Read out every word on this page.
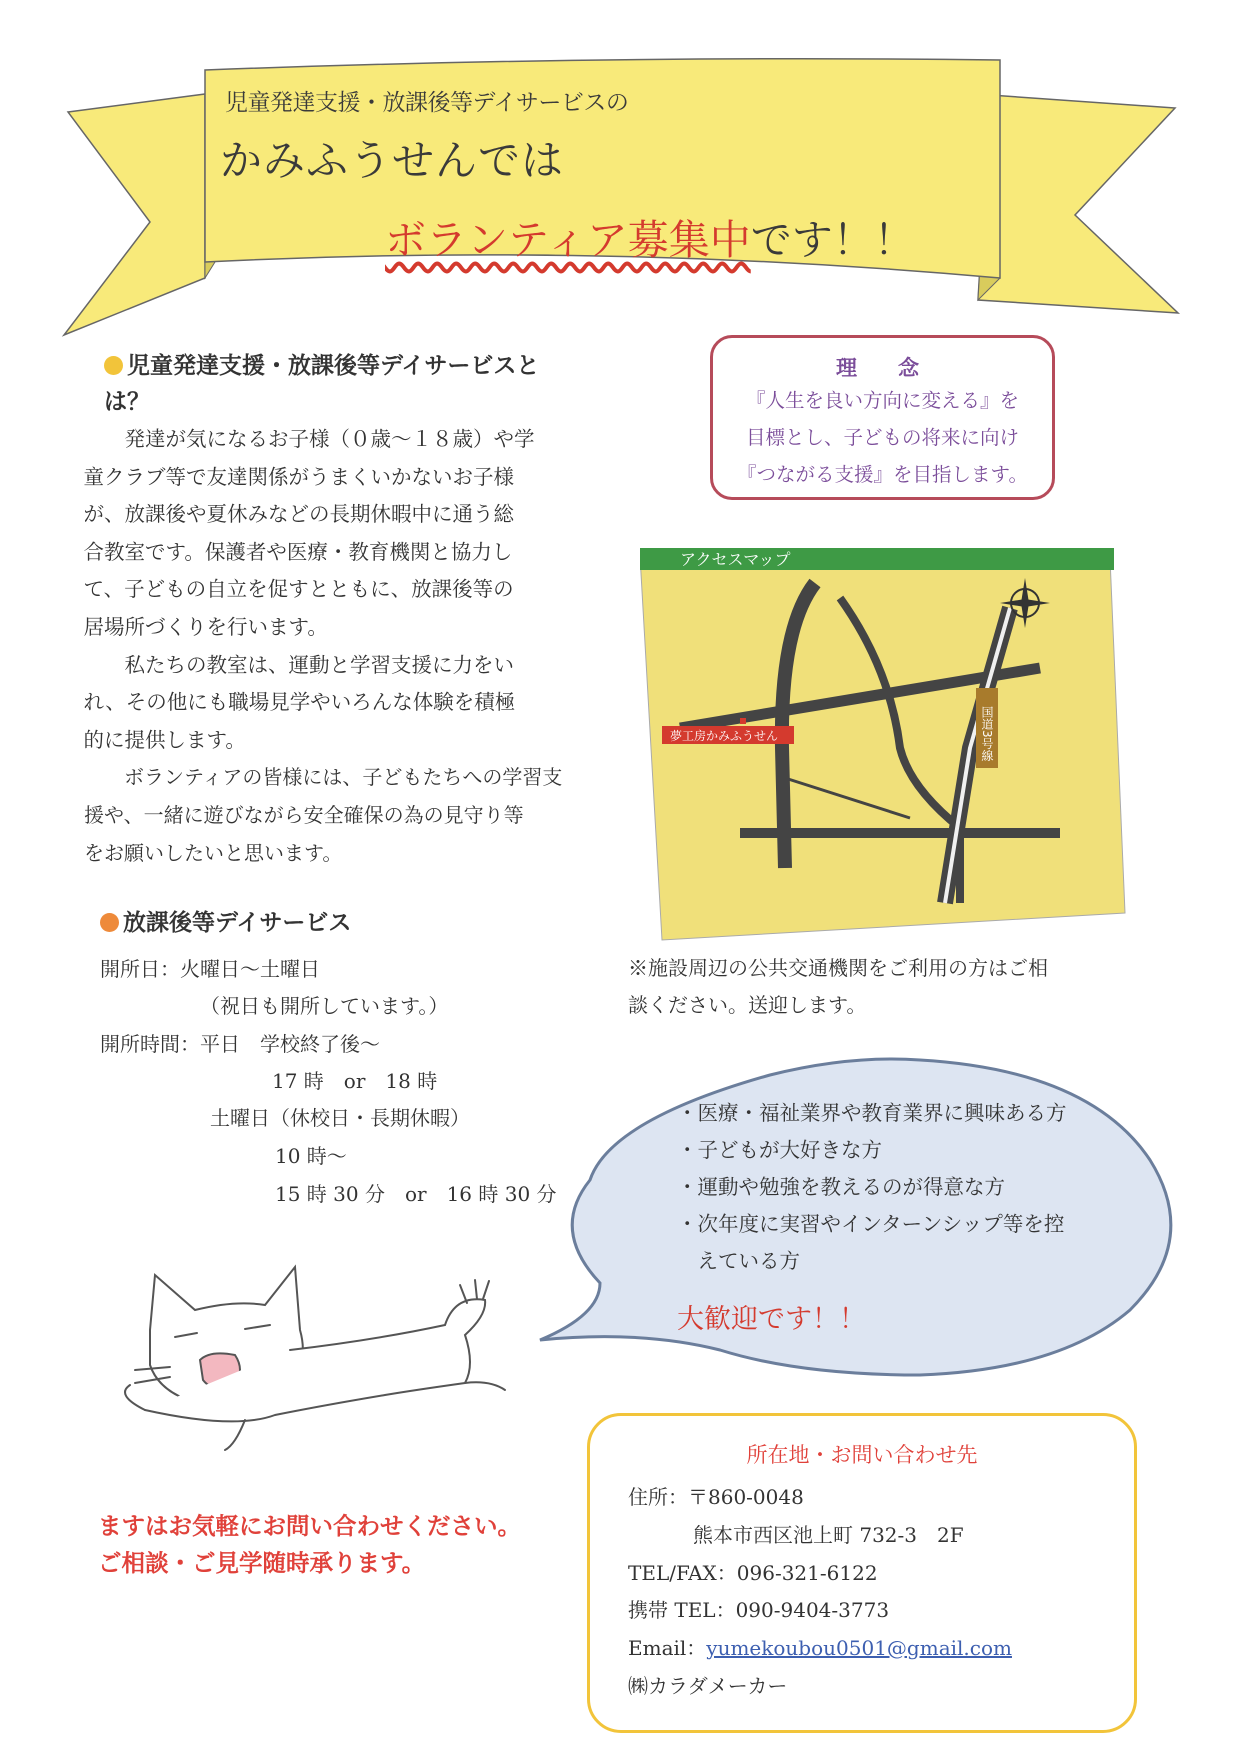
児童発達支援・放課後等デイサービスの
かみふうせんでは
ボランティア募集中です！！
児童発達支援・放課後等デイサービスと
は？

発達が気になるお子様（０歳～１８歳）や学
童クラブ等で友達関係がうまくいかないお子様
が、放課後や夏休みなどの長期休暇中に通う総
合教室です。保護者や医療・教育機関と協力し
て、子どもの自立を促すとともに、放課後等の
居場所づくりを行います。

私たちの教室は、運動と学習支援に力をい
れ、その他にも職場見学やいろんな体験を積極
的に提供します。

ボランティアの皆様には、子どもたちへの学習支
援や、一緒に遊びながら安全確保の為の見守り等
をお願いしたいと思います。

放課後等デイサービス
開所日：火曜日～土曜日
（祝日も開所しています。）
開所時間：平日　学校終了後～
17 時　or　18 時
土曜日（休校日・長期休暇）
10 時～
15 時 30 分　or　16 時 30 分
理　念
『人生を良い方向に変える』を
目標とし、子どもの将来に向け
『つながる支援』を目指します。
アクセスマップ
夢工房かみふうせん	国道3号線
※施設周辺の公共交通機関をご利用の方はご相
談ください。送迎します。
・医療・福祉業界や教育業界に興味ある方
・子どもが大好きな方
・運動や勉強を教えるのが得意な方
・次年度に実習やインターンシップ等を控
　えている方
大歓迎です！！
ますはお気軽にお問い合わせください。
ご相談・ご見学随時承ります。
所在地・お問い合わせ先
住所：〒860-0048
熊本市西区池上町 732-3　2F
TEL/FAX：096-321-6122
携帯 TEL：090-9404-3773
Email：yumekoubou0501@gmail.com
㈱カラダメーカー
